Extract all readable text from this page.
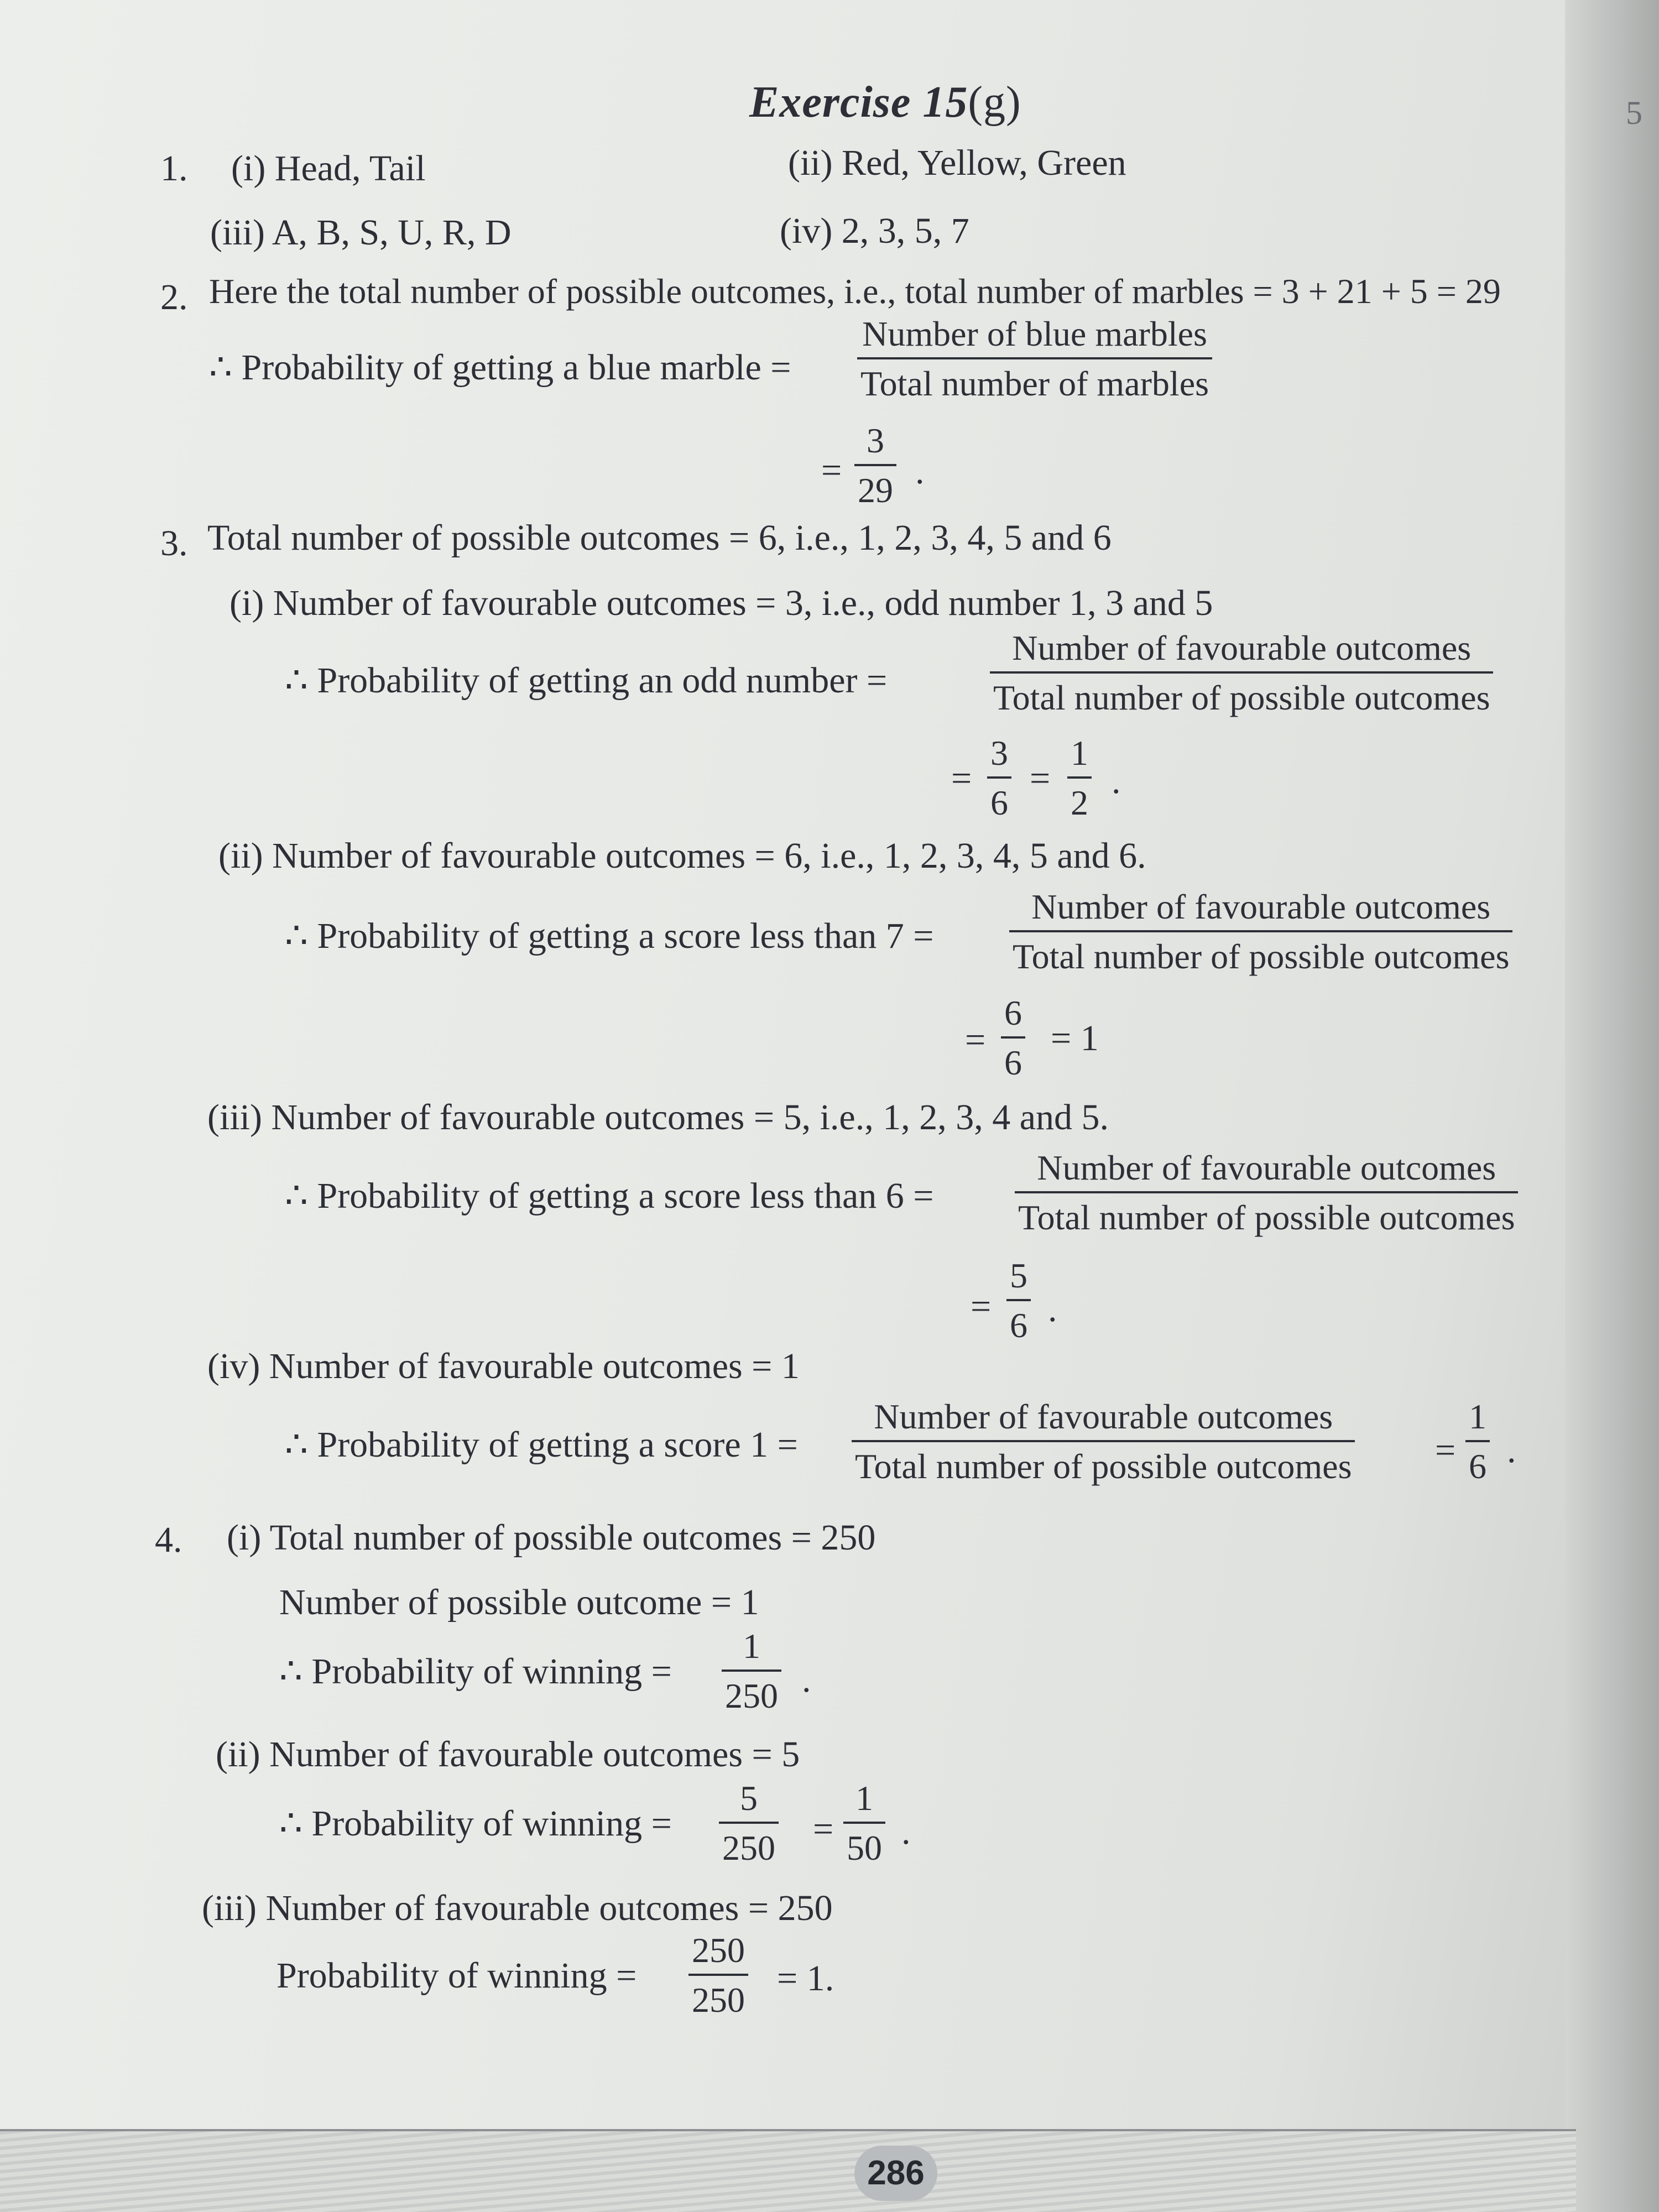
5
Exercise 15(g)
1. (i) Head, Tail	(ii) Red, Yellow, Green
(iii) A, B, S, U, R, D	(iv) 2, 3, 5, 7
2. Here the total number of possible outcomes, i.e., total number of marbles = 3 + 21 + 5 = 29
∴ Probability of getting a blue marble =
Number of blue marbles
Total number of marbles
=
3
29 .
3. Total number of possible outcomes = 6, i.e., 1, 2, 3, 4, 5 and 6
(i) Number of favourable outcomes = 3, i.e., odd number 1, 3 and 5
∴ Probability of getting an odd number =
Number of favourable outcomes
Total number of possible outcomes
=
3
6
=
1
2
.
(ii) Number of favourable outcomes = 6, i.e., 1, 2, 3, 4, 5 and 6.
∴ Probability of getting a score less than 7 =
Number of favourable outcomes
Total number of possible outcomes
=
6
6
= 1
(iii) Number of favourable outcomes = 5, i.e., 1, 2, 3, 4 and 5.
∴ Probability of getting a score less than 6 =
Number of favourable outcomes
Total number of possible outcomes
=
5
6 .
(iv) Number of favourable outcomes = 1
∴ Probability of getting a score 1 =
Number of favourable outcomes
Total number of possible outcomes =
1
6 .
4. (i) Total number of possible outcomes = 250
Number of possible outcome = 1
∴ Probability of winning =
1
250 .
(ii) Number of favourable outcomes = 5
∴ Probability of winning =
5
250 =
1
50 .
(iii) Number of favourable outcomes = 250
Probability of winning =
250
250
= 1.
286
